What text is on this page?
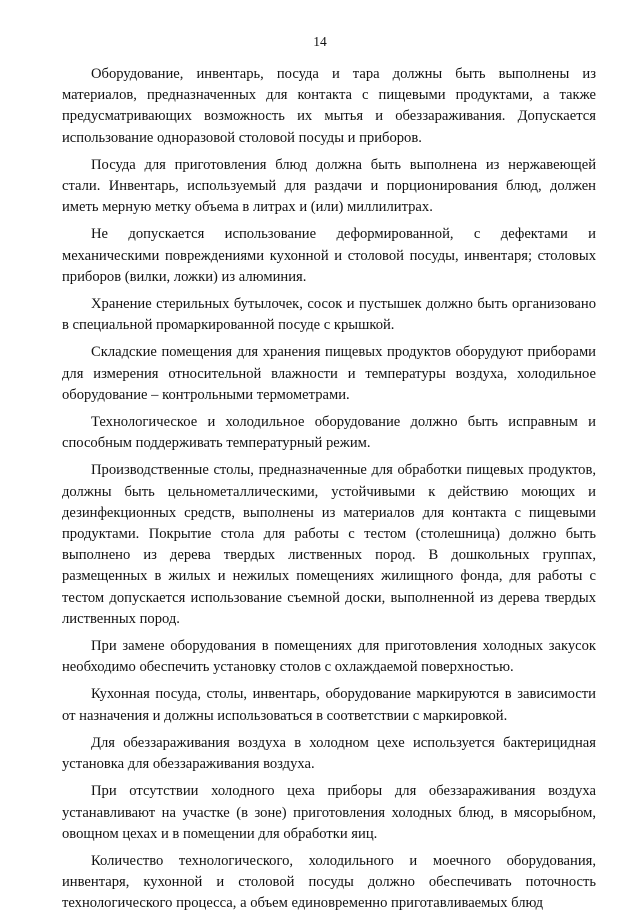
14

Оборудование, инвентарь, посуда и тара должны быть выполнены из материалов, предназначенных для контакта с пищевыми продуктами, а также предусматривающих возможность их мытья и обеззараживания. Допускается использование одноразовой столовой посуды и приборов.

Посуда для приготовления блюд должна быть выполнена из нержавеющей стали. Инвентарь, используемый для раздачи и порционирования блюд, должен иметь мерную метку объема в литрах и (или) миллилитрах.

Не допускается использование деформированной, с дефектами и механическими повреждениями кухонной и столовой посуды, инвентаря; столовых приборов (вилки, ложки) из алюминия.

Хранение стерильных бутылочек, сосок и пустышек должно быть организовано в специальной промаркированной посуде с крышкой.

Складские помещения для хранения пищевых продуктов оборудуют приборами для измерения относительной влажности и температуры воздуха, холодильное оборудование – контрольными термометрами.

Технологическое и холодильное оборудование должно быть исправным и способным поддерживать температурный режим.

Производственные столы, предназначенные для обработки пищевых продуктов, должны быть цельнометаллическими, устойчивыми к действию моющих и дезинфекционных средств, выполнены из материалов для контакта с пищевыми продуктами. Покрытие стола для работы с тестом (столешница) должно быть выполнено из дерева твердых лиственных пород. В дошкольных группах, размещенных в жилых и нежилых помещениях жилищного фонда, для работы с тестом допускается использование съемной доски, выполненной из дерева твердых лиственных пород.

При замене оборудования в помещениях для приготовления холодных закусок необходимо обеспечить установку столов с охлаждаемой поверхностью.

Кухонная посуда, столы, инвентарь, оборудование маркируются в зависимости от назначения и должны использоваться в соответствии с маркировкой.

Для обеззараживания воздуха в холодном цехе используется бактерицидная установка для обеззараживания воздуха.

При отсутствии холодного цеха приборы для обеззараживания воздуха устанавливают на участке (в зоне) приготовления холодных блюд, в мясорыбном, овощном цехах и в помещении для обработки яиц.

Количество технологического, холодильного и моечного оборудования, инвентаря, кухонной и столовой посуды должно обеспечивать поточность технологического процесса, а объем единовременно приготавливаемых блюд
